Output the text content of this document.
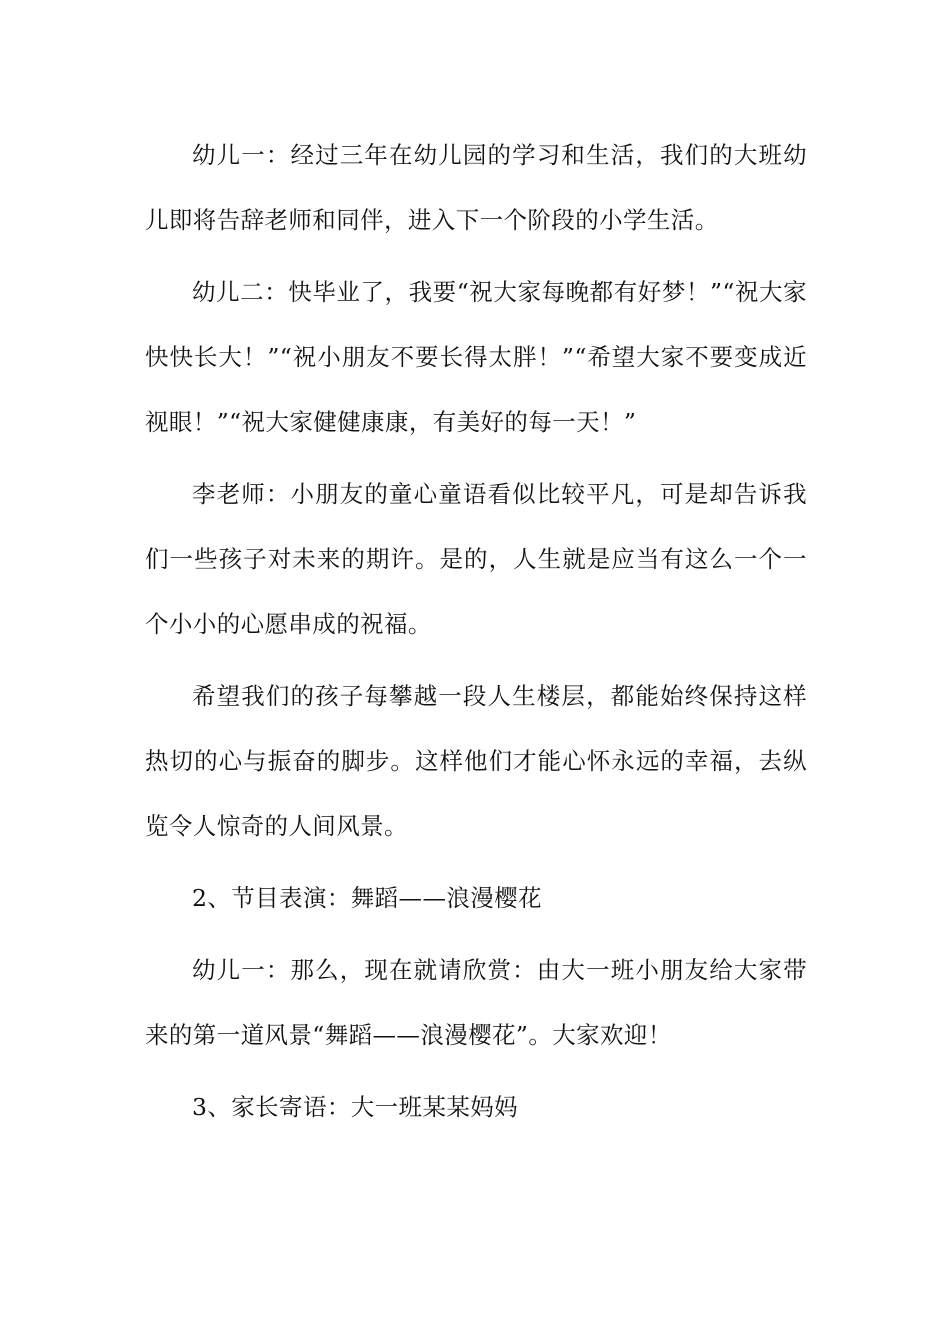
幼儿一：经过三年在幼儿园的学习和生活，我们的大班幼儿即将告辞老师和同伴，进入下一个阶段的小学生活。

幼儿二：快毕业了，我要“祝大家每晚都有好梦！”“祝大家快快长大！”“祝小朋友不要长得太胖！”“希望大家不要变成近视眼！”“祝大家健健康康，有美好的每一天！”

李老师：小朋友的童心童语看似比较平凡，可是却告诉我们一些孩子对未来的期许。是的，人生就是应当有这么一个一个小小的心愿串成的祝福。

希望我们的孩子每攀越一段人生楼层，都能始终保持这样热切的心与振奋的脚步。这样他们才能心怀永远的幸福，去纵览令人惊奇的人间风景。

2、节目表演：舞蹈——浪漫樱花

幼儿一：那么，现在就请欣赏：由大一班小朋友给大家带来的第一道风景“舞蹈——浪漫樱花”。大家欢迎！

3、家长寄语：大一班某某妈妈
